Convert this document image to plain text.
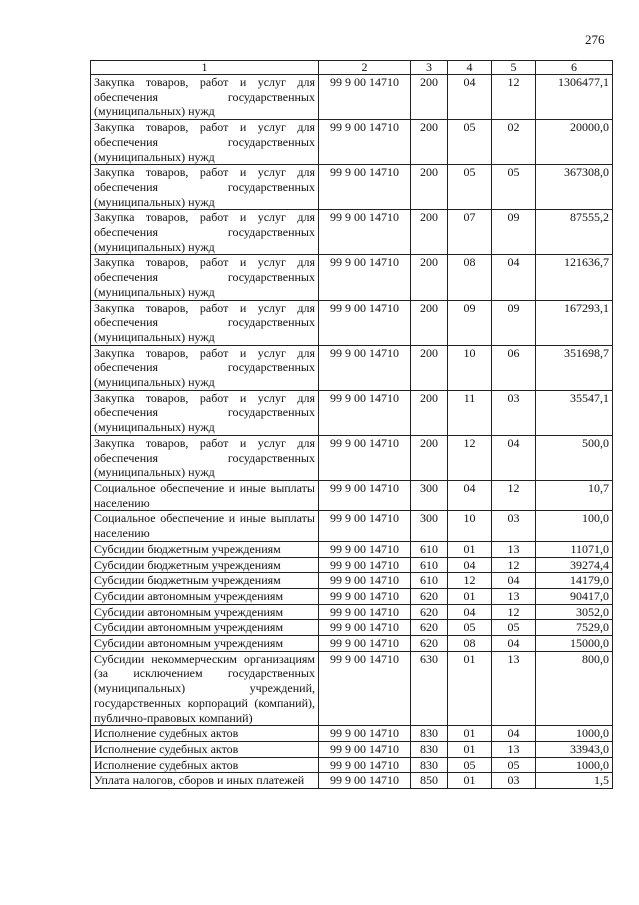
276
1	2	3	4	5	6
Закупка товаров, работ и услуг для обеспечения государственных (муниципальных) нужд	99 9 00 14710	200	04	12	1306477,1
Закупка товаров, работ и услуг для обеспечения государственных (муниципальных) нужд	99 9 00 14710	200	05	02	20000,0
Закупка товаров, работ и услуг для обеспечения государственных (муниципальных) нужд	99 9 00 14710	200	05	05	367308,0
Закупка товаров, работ и услуг для обеспечения государственных (муниципальных) нужд	99 9 00 14710	200	07	09	87555,2
Закупка товаров, работ и услуг для обеспечения государственных (муниципальных) нужд	99 9 00 14710	200	08	04	121636,7
Закупка товаров, работ и услуг для обеспечения государственных (муниципальных) нужд	99 9 00 14710	200	09	09	167293,1
Закупка товаров, работ и услуг для обеспечения государственных (муниципальных) нужд	99 9 00 14710	200	10	06	351698,7
Закупка товаров, работ и услуг для обеспечения государственных (муниципальных) нужд	99 9 00 14710	200	11	03	35547,1
Закупка товаров, работ и услуг для обеспечения государственных (муниципальных) нужд	99 9 00 14710	200	12	04	500,0
Социальное обеспечение и иные выплаты населению	99 9 00 14710	300	04	12	10,7
Социальное обеспечение и иные выплаты населению	99 9 00 14710	300	10	03	100,0
Субсидии бюджетным учреждениям	99 9 00 14710	610	01	13	11071,0
Субсидии бюджетным учреждениям	99 9 00 14710	610	04	12	39274,4
Субсидии бюджетным учреждениям	99 9 00 14710	610	12	04	14179,0
Субсидии автономным учреждениям	99 9 00 14710	620	01	13	90417,0
Субсидии автономным учреждениям	99 9 00 14710	620	04	12	3052,0
Субсидии автономным учреждениям	99 9 00 14710	620	05	05	7529,0
Субсидии автономным учреждениям	99 9 00 14710	620	08	04	15000,0
Субсидии некоммерческим организациям (за исключением государственных (муниципальных) учреждений, государственных корпораций (компаний), публично-правовых компаний)	99 9 00 14710	630	01	13	800,0
Исполнение судебных актов	99 9 00 14710	830	01	04	1000,0
Исполнение судебных актов	99 9 00 14710	830	01	13	33943,0
Исполнение судебных актов	99 9 00 14710	830	05	05	1000,0
Уплата налогов, сборов и иных платежей	99 9 00 14710	850	01	03	1,5
